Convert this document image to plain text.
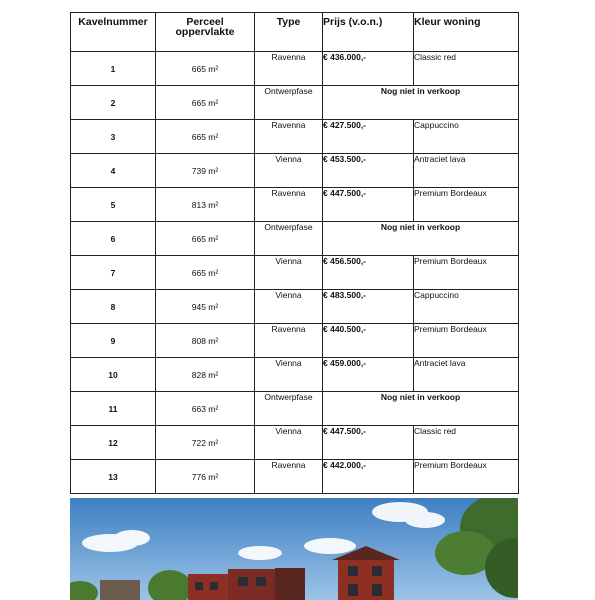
Kavelnummer	Perceel
oppervlakte	Type	Prijs (v.o.n.)	Kleur woning
1	665 m²	Ravenna	€ 436.000,-	Classic red
2	665 m²	Ontwerpfase	Nog niet in verkoop	
3	665 m²	Ravenna	€ 427.500,-	Cappuccino
4	739 m²	Vienna	€ 453.500,-	Antraciet lava
5	813 m²	Ravenna	€ 447.500,-	Premium Bordeaux
6	665 m²	Ontwerpfase	Nog niet in verkoop	
7	665 m²	Vienna	€ 456.500,-	Premium Bordeaux
8	945 m²	Vienna	€ 483.500,-	Cappuccino
9	808 m²	Ravenna	€ 440.500,-	Premium Bordeaux
10	828 m²	Vienna	€ 459.000,-	Antraciet lava
11	663 m²	Ontwerpfase	Nog niet in verkoop	
12	722 m²	Vienna	€ 447.500,-	Classic red
13	776 m²	Ravenna	€ 442.000,-	Premium Bordeaux
